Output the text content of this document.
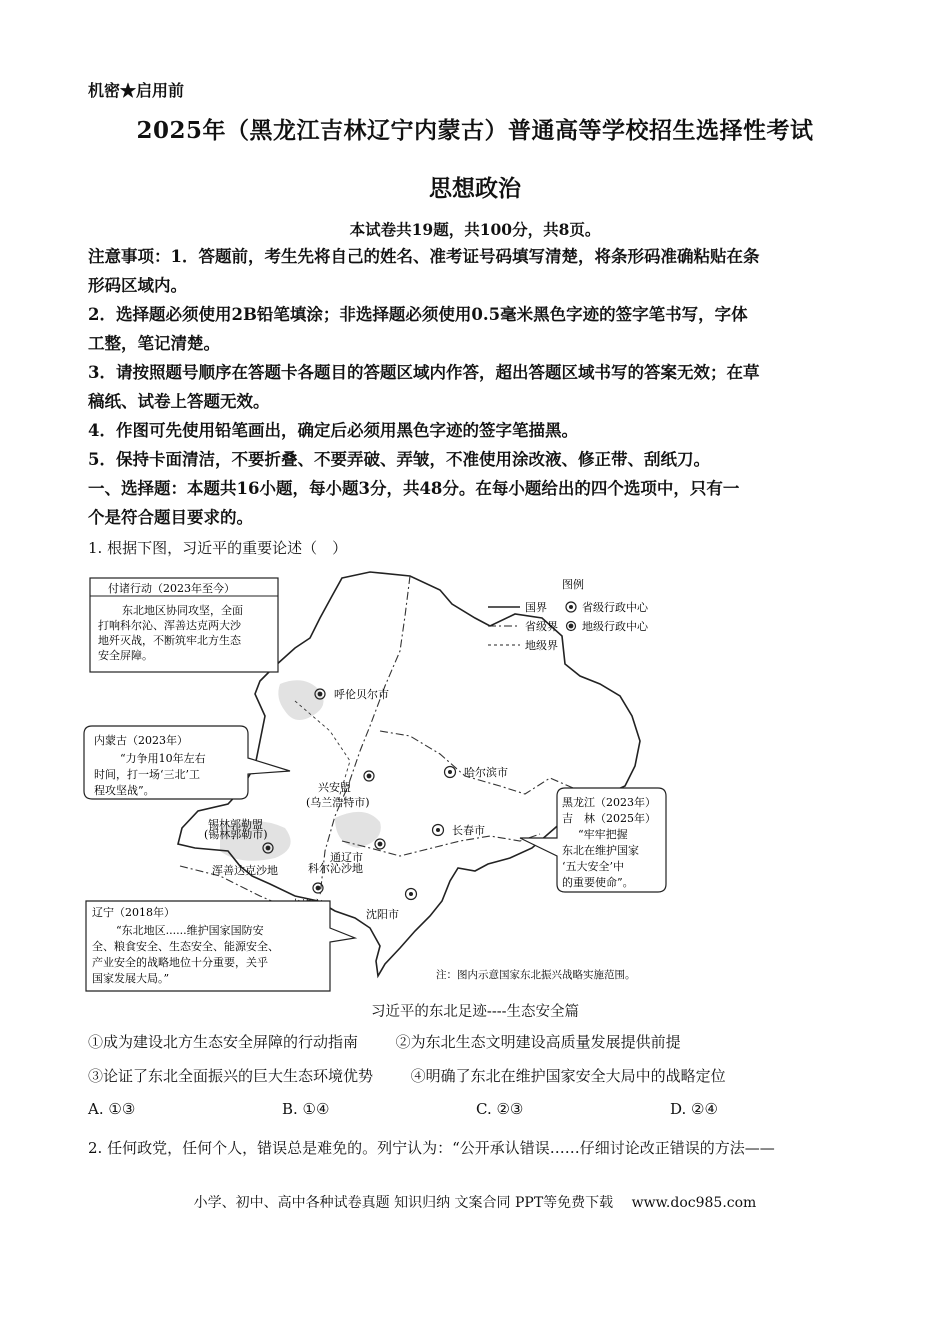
机密★启用前
2025年（黑龙江吉林辽宁内蒙古）普通高等学校招生选择性考试
思想政治
本试卷共19题，共100分，共8页。
注意事项：1．答题前，考生先将自己的姓名、准考证号码填写清楚，将条形码准确粘贴在条
形码区域内。
2．选择题必须使用2B铅笔填涂；非选择题必须使用0.5毫米黑色字迹的签字笔书写，字体
工整，笔记清楚。
3．请按照题号顺序在答题卡各题目的答题区域内作答，超出答题区域书写的答案无效；在草
稿纸、试卷上答题无效。
4．作图可先使用铅笔画出，确定后必须用黑色字迹的签字笔描黑。
5．保持卡面清洁，不要折叠、不要弄破、弄皱，不准使用涂改液、修正带、刮纸刀。
一、选择题：本题共16小题，每小题3分，共48分。在每小题给出的四个选项中，只有一
个是符合题目要求的。
1. 根据下图，习近平的重要论述（　）
图例
国界
省级界
地级界
省级行政中心
地级行政中心
呼伦贝尔市
兴安盟
(乌兰浩特市)
哈尔滨市
锡林郭勒盟
(锡林郭勒市)	长春市
通辽市
浑善达克沙地	科尔沁沙地
沈阳市
付诸行动（2023年至今）
东北地区协同攻坚，全面
打响科尔沁、浑善达克两大沙
地歼灭战，不断筑牢北方生态
安全屏障。
内蒙古（2023年）
“力争用10年左右
时间，打一场‘三北’工
程攻坚战”。
黑龙江（2023年）
吉　林（2025年）
“牢牢把握
东北在维护国家
‘五大安全’中
的重要使命”。
辽宁（2018年）
“东北地区......维护国家国防安
全、粮食安全、生态安全、能源安全、
产业安全的战略地位十分重要，关乎
国家发展大局。”	注：图内示意国家东北振兴战略实施范围。
习近平的东北足迹----生态安全篇
①成为建设北方生态安全屏障的行动指南	②为东北生态文明建设高质量发展提供前提
③论证了东北全面振兴的巨大生态环境优势	④明确了东北在维护国家安全大局中的战略定位
A. ①③	B. ①④	C. ②③	D. ②④
2. 任何政党，任何个人，错误总是难免的。列宁认为：“公开承认错误……仔细讨论改正错误的方法——
小学、初中、高中各种试卷真题 知识归纳 文案合同 PPT等免费下载　 www.doc985.com
